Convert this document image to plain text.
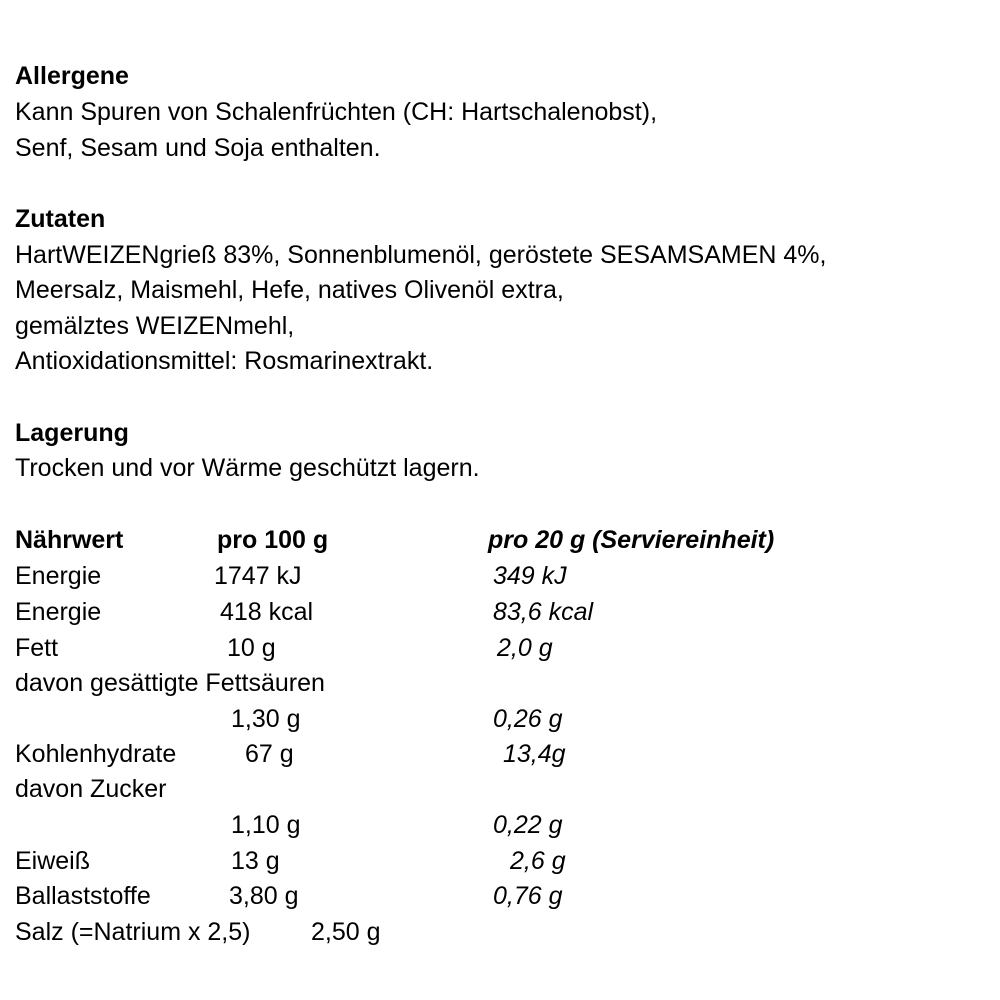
Allergene

Kann Spuren von Schalenfrüchten (CH: Hartschalenobst),

Senf, Sesam und Soja enthalten.

Zutaten

HartWEIZENgrieß 83%, Sonnenblumenöl, geröstete SESAMSAMEN 4%,

Meersalz, Maismehl, Hefe, natives Olivenöl extra,

gemälztes WEIZENmehl,

Antioxidationsmittel: Rosmarinextrakt.

Lagerung

Trocken und vor Wärme geschützt lagern.

Nährwert	pro 100 g	pro 20 g (Serviereinheit)
Energie	1747 kJ	349 kJ
Energie	418 kcal	83,6 kcal
Fett	10 g	2,0 g
davon gesättigte Fettsäuren
1,30 g	0,26 g
Kohlenhydrate	67 g	13,4g
davon Zucker
1,10 g	0,22 g
Eiweiß	13 g	2,6 g
Ballaststoffe	3,80 g	0,76 g
Salz (=Natrium x 2,5) 2,50 g
